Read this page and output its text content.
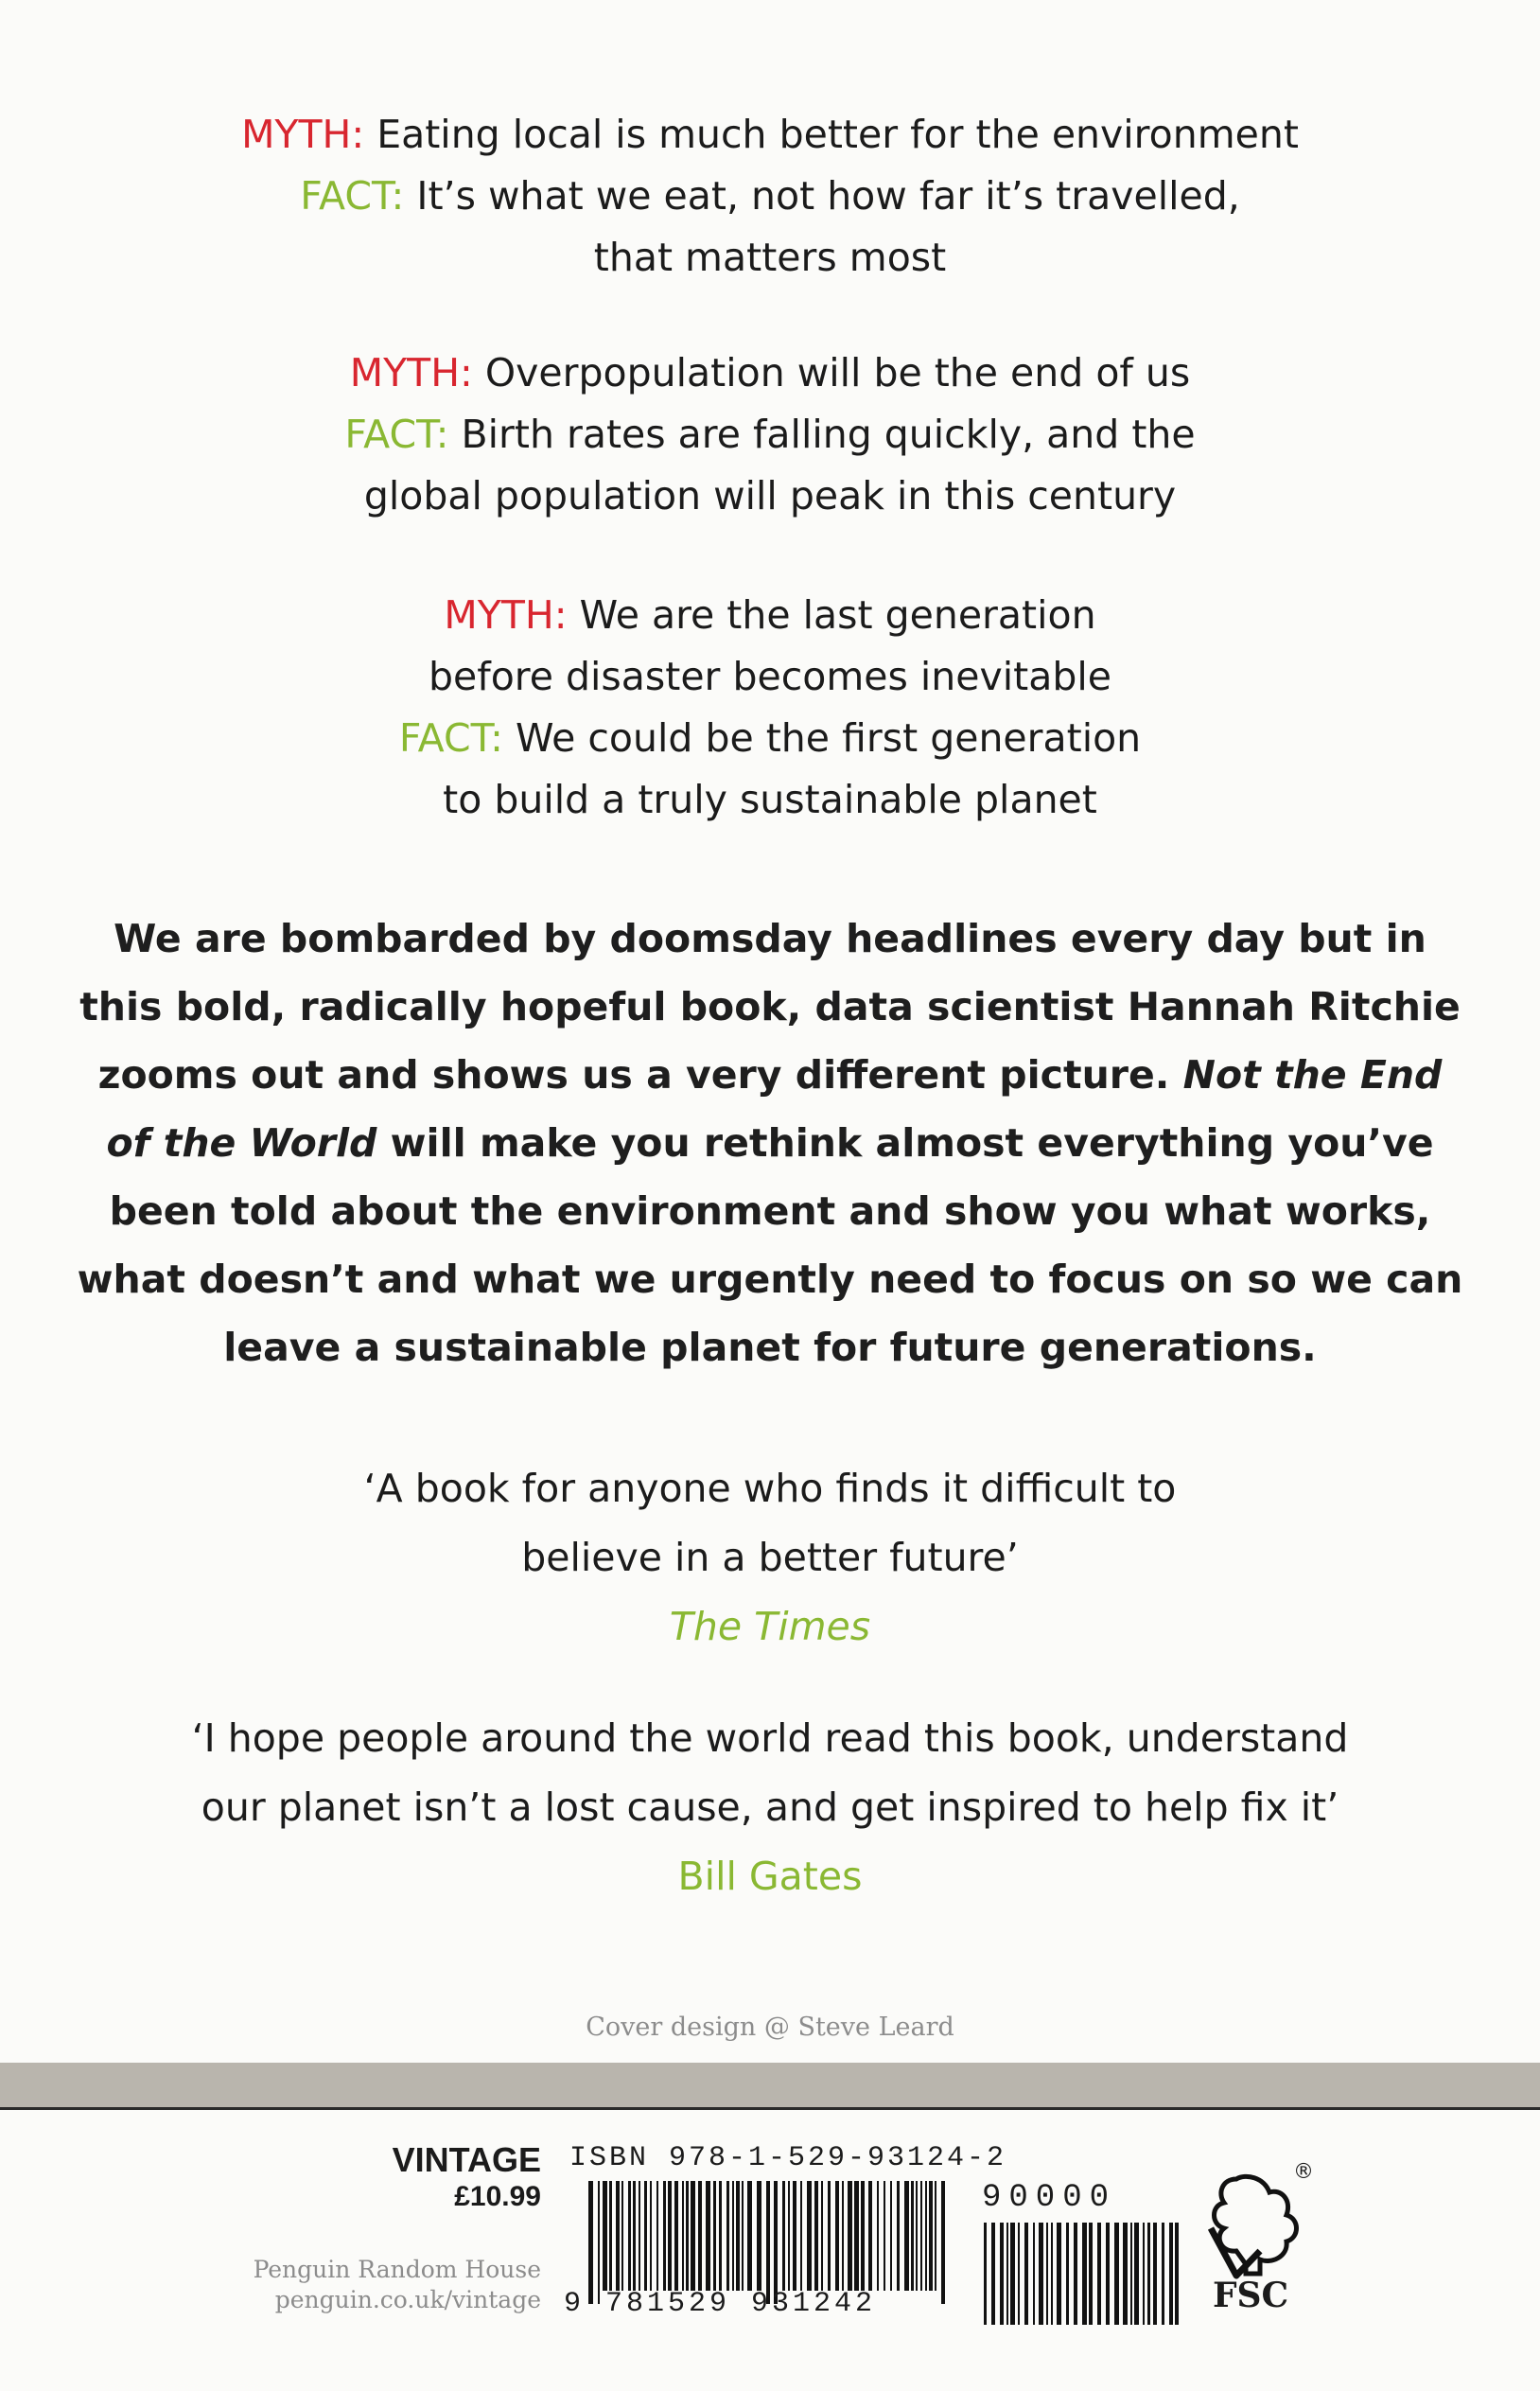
MYTH: Eating local is much better for the environment
FACT: It’s what we eat, not how far it’s travelled,
that matters most
MYTH: Overpopulation will be the end of us
FACT: Birth rates are falling quickly, and the
global population will peak in this century
MYTH: We are the last generation
before disaster becomes inevitable
FACT: We could be the first generation
to build a truly sustainable planet
We are bombarded by doomsday headlines every day but in
this bold, radically hopeful book, data scientist Hannah Ritchie
zooms out and shows us a very different picture. Not the End
of the World will make you rethink almost everything you’ve
been told about the environment and show you what works,
what doesn’t and what we urgently need to focus on so we can
leave a sustainable planet for future generations.
‘A book for anyone who finds it difficult to
believe in a better future’
The Times
‘I hope people around the world read this book, understand
our planet isn’t a lost cause, and get inspired to help fix it’
Bill Gates
Cover design @ Steve Leard
VINTAGE
£10.99
Penguin Random House
penguin.co.uk/vintage
ISBN 978-1-529-93124-2
9 781529 931242
90000
FSC
®
